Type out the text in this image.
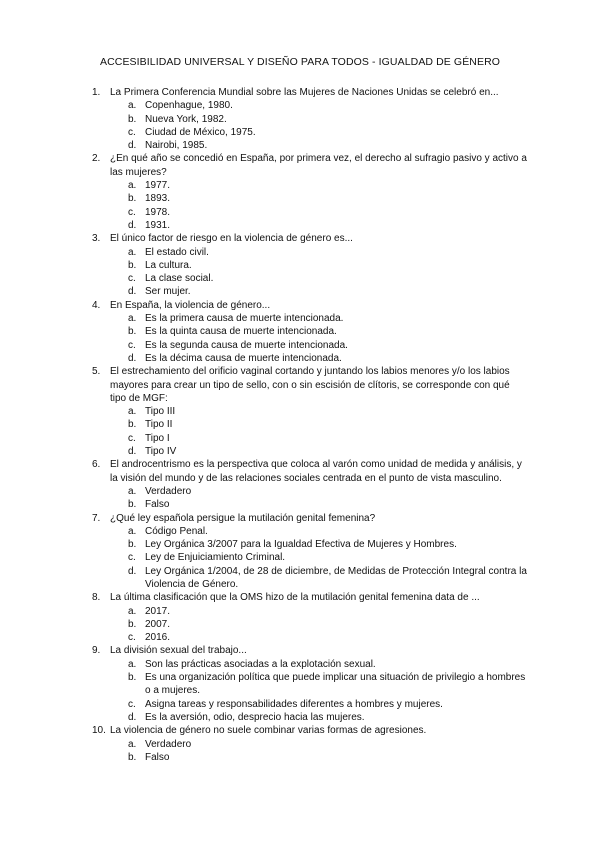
ACCESIBILIDAD UNIVERSAL Y DISEÑO PARA TODOS - IGUALDAD DE GÉNERO
1. La Primera Conferencia Mundial sobre las Mujeres de Naciones Unidas se celebró en...
a. Copenhague, 1980.
b. Nueva York, 1982.
c. Ciudad de México, 1975.
d. Nairobi, 1985.
2. ¿En qué año se concedió en España, por primera vez, el derecho al sufragio pasivo y activo a las mujeres?
a. 1977.
b. 1893.
c. 1978.
d. 1931.
3. El único factor de riesgo en la violencia de género es...
a. El estado civil.
b. La cultura.
c. La clase social.
d. Ser mujer.
4. En España, la violencia de género...
a. Es la primera causa de muerte intencionada.
b. Es la quinta causa de muerte intencionada.
c. Es la segunda causa de muerte intencionada.
d. Es la décima causa de muerte intencionada.
5. El estrechamiento del orificio vaginal cortando y juntando los labios menores y/o los labios mayores para crear un tipo de sello, con o sin escisión de clítoris, se corresponde con qué tipo de MGF:
a. Tipo III
b. Tipo II
c. Tipo I
d. Tipo IV
6. El androcentrismo es la perspectiva que coloca al varón como unidad de medida y análisis, y la visión del mundo y de las relaciones sociales centrada en el punto de vista masculino.
a. Verdadero
b. Falso
7. ¿Qué ley española persigue la mutilación genital femenina?
a. Código Penal.
b. Ley Orgánica 3/2007 para la Igualdad Efectiva de Mujeres y Hombres.
c. Ley de Enjuiciamiento Criminal.
d. Ley Orgánica 1/2004, de 28 de diciembre, de Medidas de Protección Integral contra la Violencia de Género.
8. La última clasificación que la OMS hizo de la mutilación genital femenina data de ...
a. 2017.
b. 2007.
c. 2016.
9. La división sexual del trabajo...
a. Son las prácticas asociadas a la explotación sexual.
b. Es una organización política que puede implicar una situación de privilegio a hombres o a mujeres.
c. Asigna tareas y responsabilidades diferentes a hombres y mujeres.
d. Es la aversión, odio, desprecio hacia las mujeres.
10. La violencia de género no suele combinar varias formas de agresiones.
a. Verdadero
b. Falso
